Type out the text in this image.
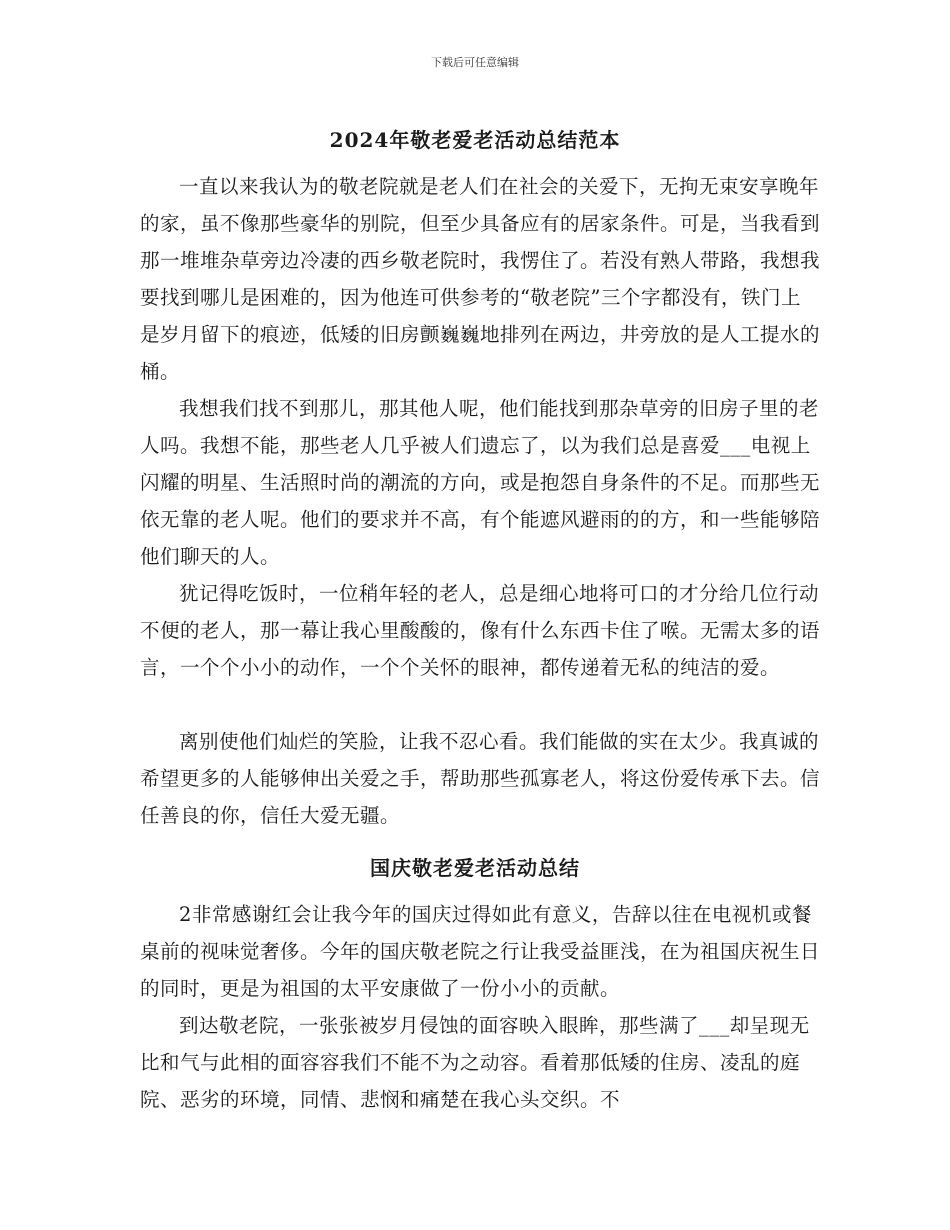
下载后可任意编辑
2024年敬老爱老活动总结范本

一直以来我认为的敬老院就是老人们在社会的关爱下，无拘无束安享晚年的家，虽不像那些豪华的别院，但至少具备应有的居家条件。可是，当我看到那一堆堆杂草旁边冷凄的西乡敬老院时，我愣住了。若没有熟人带路，我想我要找到哪儿是困难的，因为他连可供参考的“敬老院”三个字都没有，铁门上是岁月留下的痕迹，低矮的旧房颤巍巍地排列在两边，井旁放的是人工提水的桶。

我想我们找不到那儿，那其他人呢，他们能找到那杂草旁的旧房子里的老人吗。我想不能，那些老人几乎被人们遗忘了，以为我们总是喜爱___电视上闪耀的明星、生活照时尚的潮流的方向，或是抱怨自身条件的不足。而那些无依无靠的老人呢。他们的要求并不高，有个能遮风避雨的的方，和一些能够陪他们聊天的人。

犹记得吃饭时，一位稍年轻的老人，总是细心地将可口的才分给几位行动不便的老人，那一幕让我心里酸酸的，像有什么东西卡住了喉。无需太多的语言，一个个小小的动作，一个个关怀的眼神，都传递着无私的纯洁的爱。

离别使他们灿烂的笑脸，让我不忍心看。我们能做的实在太少。我真诚的希望更多的人能够伸出关爱之手，帮助那些孤寡老人，将这份爱传承下去。信任善良的你，信任大爱无疆。

国庆敬老爱老活动总结

2非常感谢红会让我今年的国庆过得如此有意义，告辞以往在电视机或餐桌前的视味觉奢侈。今年的国庆敬老院之行让我受益匪浅，在为祖国庆祝生日的同时，更是为祖国的太平安康做了一份小小的贡献。

到达敬老院，一张张被岁月侵蚀的面容映入眼眸，那些满了___却呈现无比和气与此相的面容容我们不能不为之动容。看着那低矮的住房、凌乱的庭院、恶劣的环境，同情、悲悯和痛楚在我心头交织。不
